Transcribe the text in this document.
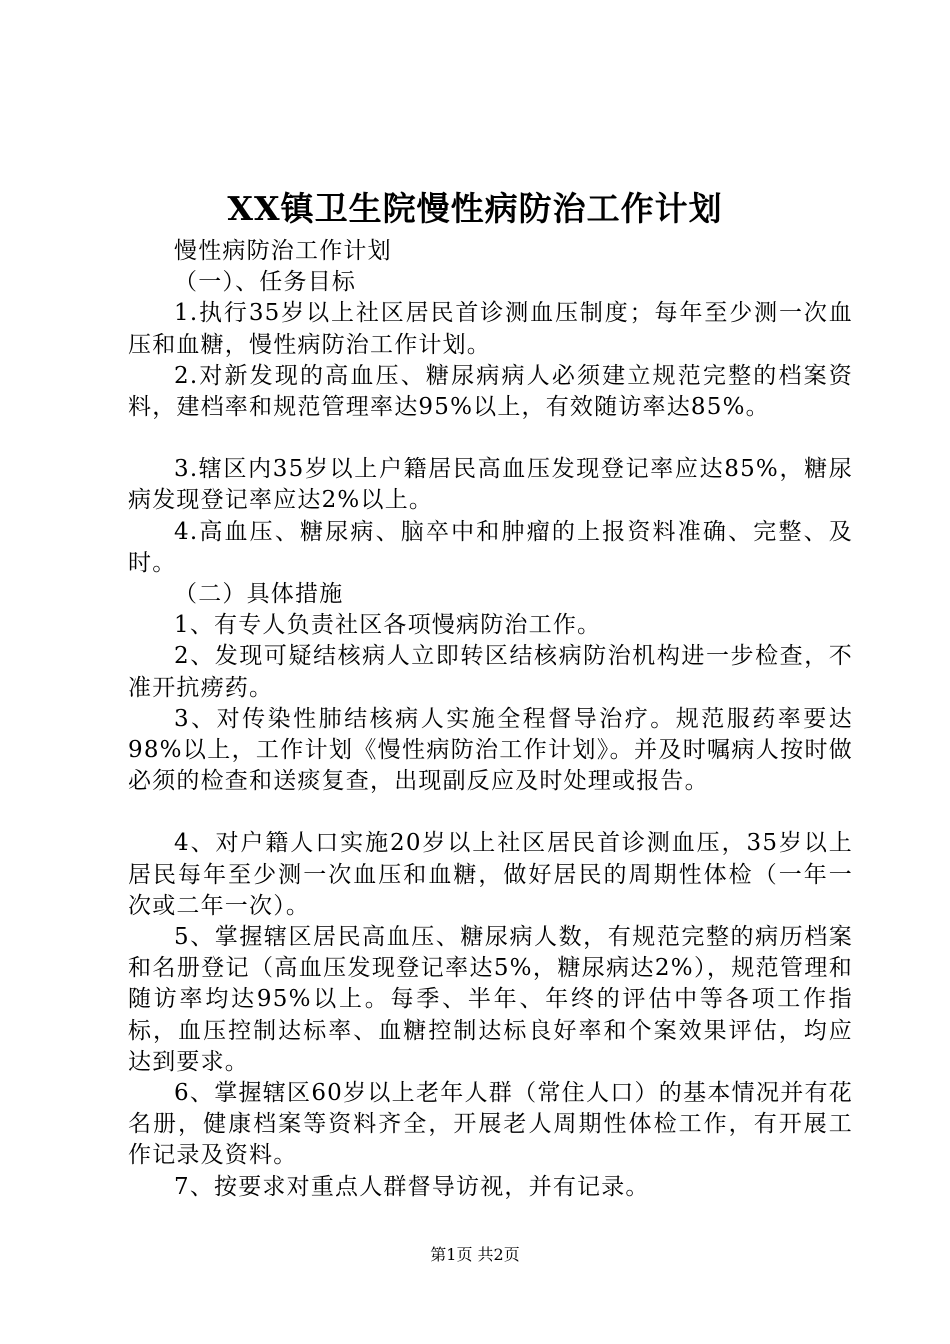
XX镇卫生院慢性病防治工作计划

慢性病防治工作计划

（一）、任务目标

1.执行35岁以上社区居民首诊测血压制度；每年至少测一次血压和血糖，慢性病防治工作计划。

2.对新发现的高血压、糖尿病病人必须建立规范完整的档案资料，建档率和规范管理率达95%以上，有效随访率达85%。

3.辖区内35岁以上户籍居民高血压发现登记率应达85%，糖尿病发现登记率应达2%以上。

4.高血压、糖尿病、脑卒中和肿瘤的上报资料准确、完整、及时。

（二）具体措施

1、有专人负责社区各项慢病防治工作。

2、发现可疑结核病人立即转区结核病防治机构进一步检查，不准开抗痨药。

3、对传染性肺结核病人实施全程督导治疗。规范服药率要达98%以上，工作计划《慢性病防治工作计划》。并及时嘱病人按时做必须的检查和送痰复查，出现副反应及时处理或报告。

4、对户籍人口实施20岁以上社区居民首诊测血压，35岁以上居民每年至少测一次血压和血糖，做好居民的周期性体检（一年一次或二年一次）。

5、掌握辖区居民高血压、糖尿病人数，有规范完整的病历档案和名册登记（高血压发现登记率达5%，糖尿病达2%），规范管理和随访率均达95%以上。每季、半年、年终的评估中等各项工作指标，血压控制达标率、血糖控制达标良好率和个案效果评估，均应达到要求。

6、掌握辖区60岁以上老年人群（常住人口）的基本情况并有花名册，健康档案等资料齐全，开展老人周期性体检工作，有开展工作记录及资料。

7、按要求对重点人群督导访视，并有记录。

第1页 共2页
